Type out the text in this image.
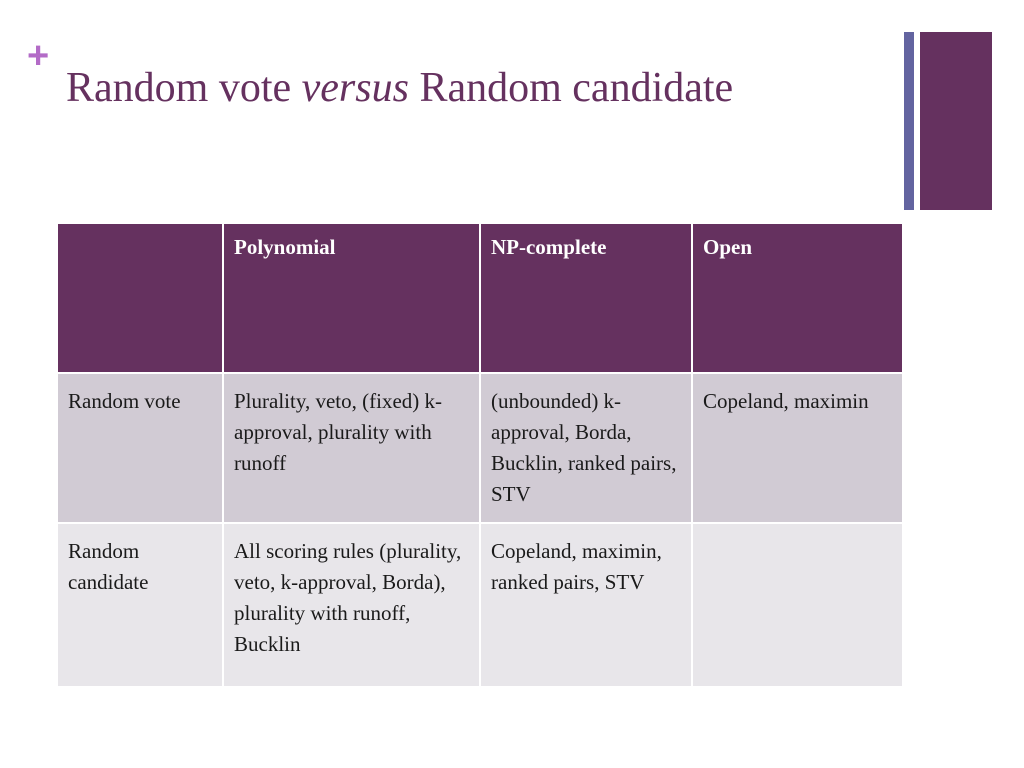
+
Random vote versus Random candidate
	Polynomial	NP-complete	Open
Random vote	Plurality, veto, (fixed) k-approval, plurality with runoff	(unbounded) k-approval, Borda, Bucklin, ranked pairs, STV	Copeland, maximin
Random candidate	All scoring rules (plurality, veto, k-approval, Borda), plurality with runoff, Bucklin	Copeland, maximin, ranked pairs, STV	
